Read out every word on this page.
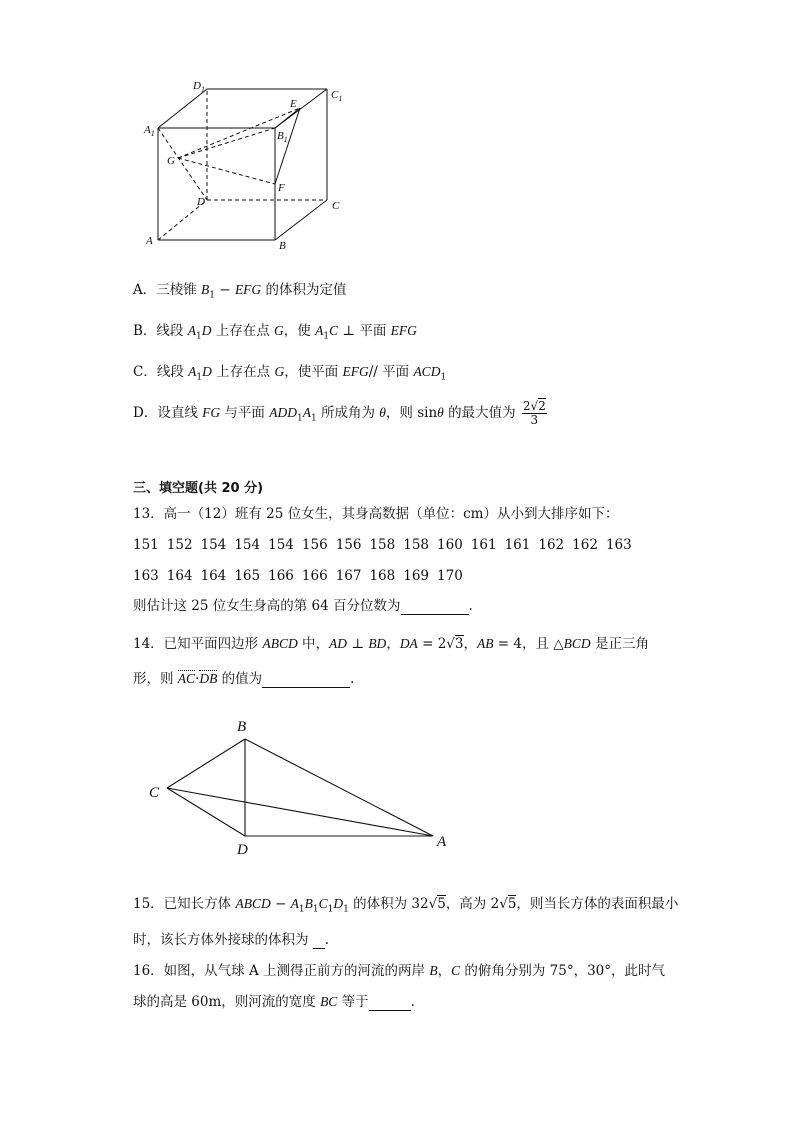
$D_1$	$C_1$
$A_1$	$B_1$
E
G
F
D	C
A	B
A．三棱锥 $B_1$ − EFG 的体积为定值
B．线段 $A_1D$ 上存在点 G，使 $A_1C$ ⊥ 平面 EFG
C．线段 $A_1D$ 上存在点 G，使平面 EFG// 平面 $ACD_1$
D．设直线 FG 与平面 $ADD_1A_1$ 所成角为 θ，则 sinθ 的最大值为 $\frac{2√2}{3}$
三、填空题(共 20 分)
13．高一（12）班有 25 位女生，其身高数据（单位：cm）从小到大排序如下：
151 152 154 154 154 156 156 158 158 160 161 161 162 162 163
163 164 164 165 166 166 167 168 169 170
则估计这 25 位女生身高的第 64 百分位数为	.
14．已知平面四边形 ABCD 中，AD ⊥ BD，DA = 2√3，AB = 4，且 △BCD 是正三角
形，则 AC·DB 的值为	.
B
C
D	A
15．已知长方体 ABCD − $A_1B_1C_1D_1$ 的体积为 32√5，高为 2√5，则当长方体的表面积最小
时，该长方体外接球的体积为 .
16．如图，从气球 A 上测得正前方的河流的两岸 B，C 的俯角分别为 75°，30°，此时气
球的高是 60m，则河流的宽度 BC 等于	.
